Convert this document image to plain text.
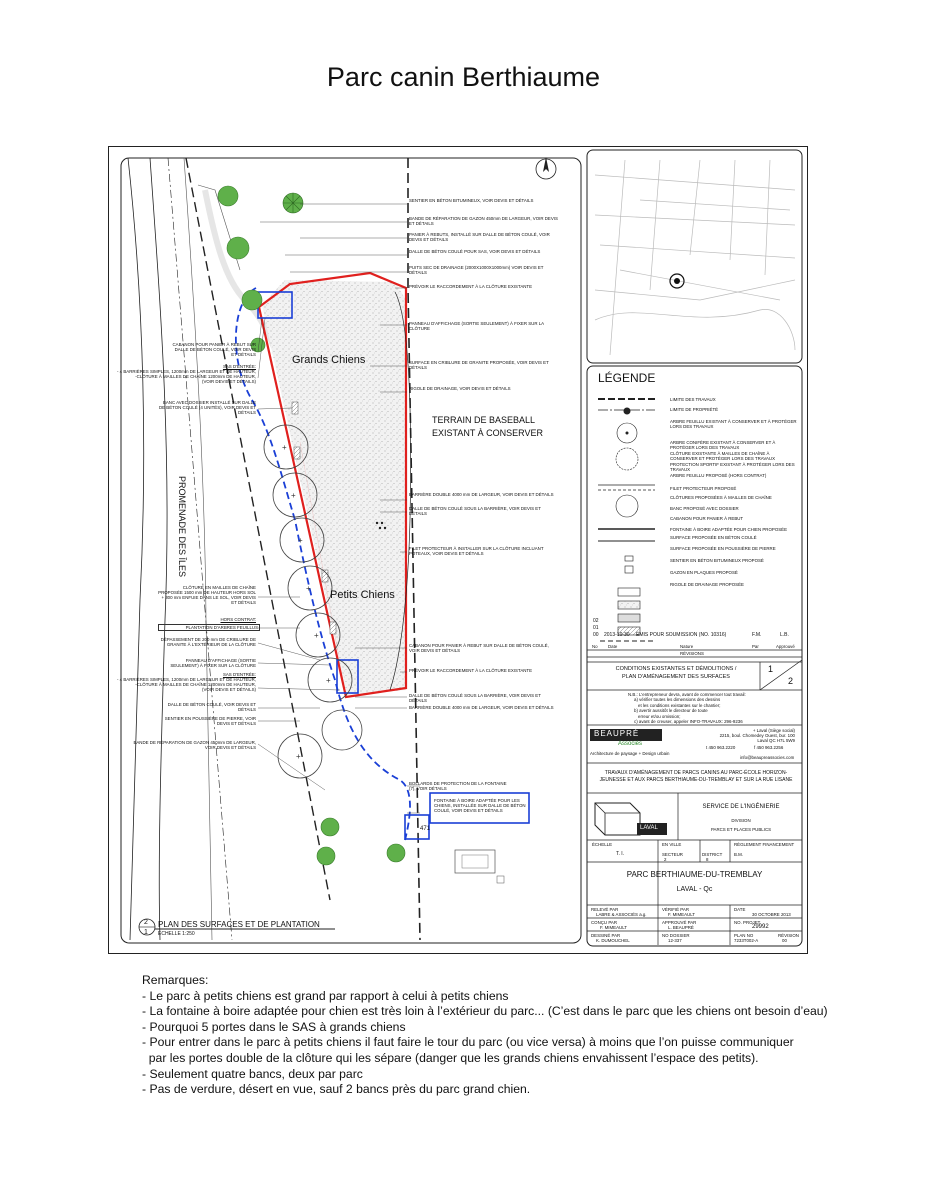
Parc canin Berthiaume
+
+
+
+
+
+
+
Grands Chiens
Petits Chiens
TERRAIN DE BASEBALL
EXISTANT À CONSERVER
PROMENADE DES ÎLES
471
SENTIER EN BÉTON BITUMINEUX, VOIR DEVIS ET DÉTAILS
BANDE DE RÉPARATION DE GAZON 450mm DE LARGEUR, VOIR DEVIS ET DÉTAILS
PANIER À REBUTS, INSTALLÉ SUR DALLE DE BÉTON COULÉ, VOIR DEVIS ET DÉTAILS
DALLE DE BÉTON COULÉ POUR SAS, VOIR DEVIS ET DÉTAILS
PUITS SEC DE DRAINAGE (2000X1000X1000mm) VOIR DEVIS ET DÉTAILS
PRÉVOIR LE RACCORDEMENT À LA CLÔTURE EXISTANTE
PANNEAU D'AFFICHAGE (SORTIE SEULEMENT) À FIXER SUR LA CLÔTURE
SURFACE EN CRIBLURE DE GRANITE PROPOSÉE, VOIR DEVIS ET DÉTAILS
RIGOLE DE DRAINAGE, VOIR DEVIS ET DÉTAILS
BARRIÈRE DOUBLE 4000 mm DE LARGEUR, VOIR DEVIS ET DÉTAILS
DALLE DE BÉTON COULÉ SOUS LA BARRIÈRE, VOIR DEVIS ET DÉTAILS
FILET PROTECTEUR À INSTALLER SUR LA CLÔTURE INCLUANT POTEAUX, VOIR DEVIS ET DÉTAILS
CABANON POUR PANIER À REBUT SUR DALLE DE BÉTON COULÉ, VOIR DEVIS ET DÉTAILS
PRÉVOIR LE RACCORDEMENT À LA CLÔTURE EXISTANTE
DALLE DE BÉTON COULÉ SOUS LA BARRIÈRE, VOIR DEVIS ET DÉTAILS
BARRIÈRE DOUBLE 4000 mm DE LARGEUR, VOIR DEVIS ET DÉTAILS
BOLLARDS DE PROTECTION DE LA FONTAINE (7), VOIR DÉTAILS
FONTAINE À BOIRE ADAPTÉE POUR LES CHIENS, INSTALLÉE SUR DALLE DE BÉTON COULÉ, VOIR DEVIS ET DÉTAILS
CABANON POUR PANIER À REBUT SUR DALLE DE BÉTON COULÉ, VOIR DEVIS ET DÉTAILS
SAS D'ENTRÉE:
- 4 BARRIÈRES SIMPLES, 1200mm DE LARGEUR ET DE HAUTEUR,
-CLÔTURE À MAILLES DE CHAÎNE 1200mm DE HAUTEUR,
(VOIR DEVIS ET DÉTAILS)
BANC AVEC DOSSIER INSTALLÉ SUR DALLE DE BÉTON COULÉ (4 UNITÉS), VOIR DEVIS ET DÉTAILS
CLÔTURE EN MAILLES DE CHAÎNE PROPOSÉE 1500 mm DE HAUTEUR HORS SOL + 300 mm ENFUIE DANS LE SOL, VOIR DEVIS ET DÉTAILS
HORS CONTRAT:
PLANTATION D'ARBRES FEUILLUS
DÉPASSEMENT DE 200 mm DE CRIBLURE DE GRANITE À L'EXTÉRIEUR DE LA CLÔTURE
PANNEAU D'AFFICHAGE (SORTIE SEULEMENT) À FIXER SUR LA CLÔTURE
SAS D'ENTRÉE:
- 4 BARRIÈRES SIMPLES, 1200mm DE LARGEUR ET DE HAUTEUR,
-CLÔTURE À MAILLES DE CHAÎNE 1200mm DE HAUTEUR,
(VOIR DEVIS ET DÉTAILS)
DALLE DE BÉTON COULÉ, VOIR DEVIS ET DÉTAILS
SENTIER EN POUSSIÈRE DE PIERRE, VOIR DEVIS ET DÉTAILS
BANDE DE RÉPARATION DE GAZON 450mm DE LARGEUR, VOIR DEVIS ET DÉTAILS
2
1
PLAN DES SURFACES ET DE PLANTATION
ÉCHELLE 1:250
LÉGENDE
LIMITE DES TRAVAUX
LIMITE DE PROPRIÉTÉ
ARBRE FEUILLU EXISTANT À CONSERVER ET À PROTÉGER LORS DES TRAVAUX
ARBRE CONIFÈRE EXISTANT À CONSERVER ET À PROTÉGER LORS DES TRAVAUX
CLÔTURE EXISTANTE À MAILLES DE CHAÎNE À CONSERVER ET PROTÉGER LORS DES TRAVAUX
PROTECTION SPORTIF EXISTANT À PROTÉGER LORS DES TRAVAUX
ARBRE FEUILLU PROPOSÉ (HORS CONTRAT)
FILET PROTECTEUR PROPOSÉ
CLÔTURES PROPOSÉES À MAILLES DE CHAÎNE
BANC PROPOSÉ AVEC DOSSIER
CABANON POUR PANIER À REBUT
FONTAINE À BOIRE ADAPTÉE POUR CHIEN PROPOSÉE
SURFACE PROPOSÉE EN BÉTON COULÉ
SURFACE PROPOSÉE EN POUSSIÈRE DE PIERRE
SENTIER EN BÉTON BITUMINEUX PROPOSÉ
GAZON EN PLAQUES PROPOSÉ
RIGOLE DE DRAINAGE PROPOSÉE
02
01
00 2013-10-30 ÉMIS POUR SOUMISSION (NO. 10316)	F.M.	L.B.
No Date	Nature	Par	Approuvé
RÉVISIONS
CONDITIONS EXISTANTES ET DÉMOLITIONS /
PLAN D'AMÉNAGEMENT DES SURFACES
1
2
N.B.: L'entrepreneur devra, avant de commencer tout travail:
a) vérifier toutes les dimensions des dessins
et les conditions existantes sur le chantier;
b) avertir aussitôt le directeur de toute
erreur et/ou omission;
c) avant de creuser, appeler INFO-TRAVAUX: 296-9236
BEAUPRÉ
Associés
Architecture de paysage + Design urbain
+ Laval (Siège social)
2215, boul. Chomedey Ouest, bur. 100
Laval QC H7L 5W9
t 450 963.2220	f 450 963.2256
info@beaupreassocies.com
TRAVAUX D'AMÉNAGEMENT DE PARCS CANINS AU PARC-ÉCOLE HORIZON-JEUNESSE ET AUX PARCS BERTHIAUME-DU-TREMBLAY ET SUR LA RUE LISANE
SERVICE DE L'INGÉNIERIE
DIVISION
PARCS ET PLACES PUBLICS
LAVAL
ÉCHELLE
T. I.
EN VILLE
SECTEUR
2
DISTRICT
8
RÈGLEMENT FINANCEMENT
B.M.
PARC BERTHIAUME-DU-TREMBLAY
LAVAL - Qc
RELEVÉ PAR
LABRE & ASSOCIÉS a.g.
VÉRIFIÉ PAR
F. MIMEAULT
DATE
30 OCTOBRE 2013
CONÇU PAR
F. MIMEAULT
APPROUVÉ PAR
L. BEAUPRÉ
NO. PROJET
29992
DESSINÉ PAR
K. DUMOUCHEL
NO DOSSIER
12-337
PLAN NO
7233T002-A
RÉVISION
00
Remarques:
- Le parc à petits chiens est grand par rapport à celui à petits chiens
- La fontaine à boire adaptée pour chien est très loin à l’extérieur du parc... (C’est dans le parc que les chiens ont besoin d’eau)
- Pourquoi 5 portes dans le SAS à grands chiens
- Pour entrer dans le parc à petits chiens il faut faire le tour du parc (ou vice versa) à moins que l’on puisse communiquer
par les portes double de la clôture qui les sépare (danger que les grands chiens envahissent l’espace des petits).
- Seulement quatre bancs, deux par parc
- Pas de verdure, désert en vue, sauf 2 bancs près du parc grand chien.
